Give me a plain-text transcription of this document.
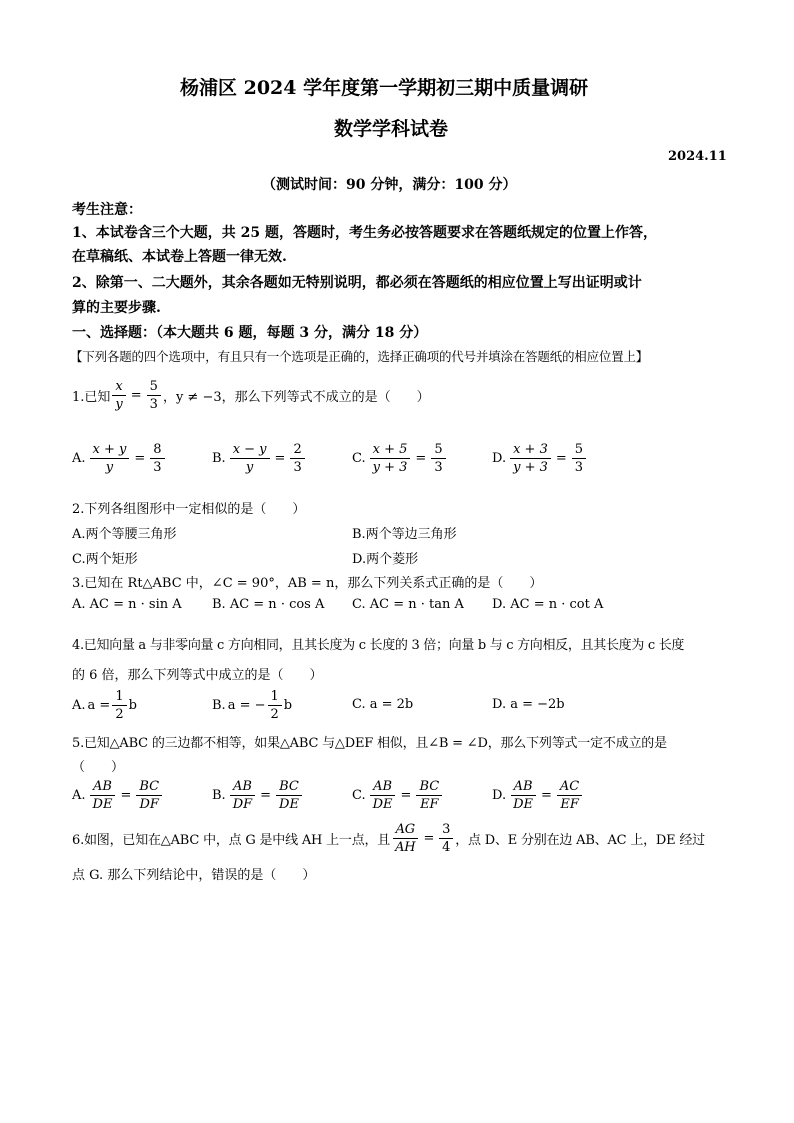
杨浦区 2024 学年度第一学期初三期中质量调研
数学学科试卷
2024.11
（测试时间：90 分钟，满分：100 分）
考生注意：
1、本试卷含三个大题，共 25 题，答题时，考生务必按答题要求在答题纸规定的位置上作答，
在草稿纸、本试卷上答题一律无效.
2、除第一、二大题外，其余各题如无特别说明，都必须在答题纸的相应位置上写出证明或计
算的主要步骤.
一、选择题：（本大题共 6 题，每题 3 分，满分 18 分）
【下列各题的四个选项中，有且只有一个选项是正确的，选择正确项的代号并填涂在答题纸的相应位置上】
1.已知 $\frac{x}{y} = \frac{5}{3}$ ，y ≠ −3，那么下列等式不成立的是（　　）
A. $\frac{x + y}{y} = \frac{8}{3}$	B. $\frac{x - y}{y} = \frac{2}{3}$	C. $\frac{x + 5}{y + 3} = \frac{5}{3}$	D. $\frac{x + 3}{y + 3} = \frac{5}{3}$
2.下列各组图形中一定相似的是（　　）
A.两个等腰三角形	B.两个等边三角形
C.两个矩形	D.两个菱形
3.已知在 Rt△ABC 中，∠C = 90°，AB = n，那么下列关系式正确的是（　　）
A. AC = n · sin A B. AC = n · cos A C. AC = n · tan A D. AC = n · cot A
4.已知向量 a 与非零向量 c 方向相同，且其长度为 c 长度的 3 倍；向量 b 与 c 方向相反，且其长度为 c 长度
的 6 倍，那么下列等式中成立的是（　　）
A. $a = \frac{1}{2}$ b	B. a = − $\frac{1}{2}$ b	C. a = 2b	D. a = −2b
5.已知△ABC 的三边都不相等，如果△ABC 与△DEF 相似，且∠B = ∠D，那么下列等式一定不成立的是
（　　）
A. $\frac{AB}{DE} = \frac{BC}{DF}$	B. $\frac{AB}{DF} = \frac{BC}{DE}$	C. $\frac{AB}{DE} = \frac{BC}{EF}$	D. $\frac{AB}{DE} = \frac{AC}{EF}$
6.如图，已知在△ABC 中，点 G 是中线 AH 上一点，且 $\frac{AG}{AH} = \frac{3}{4}$ ，点 D、E 分别在边 AB、AC 上，DE 经过
点 G. 那么下列结论中，错误的是（　　）
